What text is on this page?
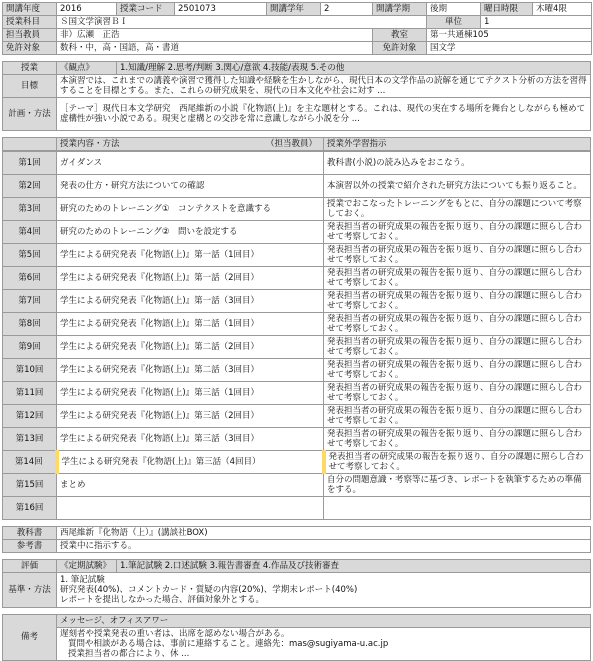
開講年度	2016	授業コード	2501073	開講学年	2	開講学期	後期	曜日時限	木曜4限
授業科目	Ｓ国文学演習ＢＩ						単位	1	
担当教員	非）広瀬　正浩					教室	第一共通棟105		
免許対象	数科・中，高・国語，高・書道					免許対象	国文学		
授業	《観点》	1.知識/理解 2.思考/判断 3.関心/意欲 4.技能/表現 5.その他
目標	本演習では、これまでの講義や演習で獲得した知識や経験を生かしながら、現代日本の文学作品の読解を通じてテクスト分析の方法を習得することを目標とする。また、これらの研究成果を、現代の日本文化や社会に対す ...	
計画・方法	［テーマ］現代日本文学研究　西尾維新の小説『化物語(上)』を主な題材とする。これは、現代の実在する場所を舞台としながらも極めて虚構性が強い小説である。現実と虚構との交渉を常に意識しながら小説を分 ...	
	授業内容・方法	（担当教員）	授業外学習指示
第1回	ガイダンス	教科書(小説)の読み込みをおこなう。
第2回	発表の仕方・研究方法についての確認	本演習以外の授業で紹介された研究方法についても振り返ること。
第3回	研究のためのトレーニング①　コンテクストを意識する	授業でおこなったトレーニングをもとに、自分の課題について考察しておく。
第4回	研究のためのトレーニング②　問いを設定する	発表担当者の研究成果の報告を振り返り、自分の課題に照らし合わせて考察しておく。
第5回	学生による研究発表『化物語(上)』第一話（1回目）	発表担当者の研究成果の報告を振り返り、自分の課題に照らし合わせて考察しておく。
第6回	学生による研究発表『化物語(上)』第一話（2回目）	発表担当者の研究成果の報告を振り返り、自分の課題に照らし合わせて考察しておく。
第7回	学生による研究発表『化物語(上)』第一話（3回目）	発表担当者の研究成果の報告を振り返り、自分の課題に照らし合わせて考察しておく。
第8回	学生による研究発表『化物語(上)』第二話（1回目）	発表担当者の研究成果の報告を振り返り、自分の課題に照らし合わせて考察しておく。
第9回	学生による研究発表『化物語(上)』第二話（2回目）	発表担当者の研究成果の報告を振り返り、自分の課題に照らし合わせて考察しておく。
第10回	学生による研究発表『化物語(上)』第二話（3回目）	発表担当者の研究成果の報告を振り返り、自分の課題に照らし合わせて考察しておく。
第11回	学生による研究発表『化物語(上)』第三話（1回目）	発表担当者の研究成果の報告を振り返り、自分の課題に照らし合わせて考察しておく。
第12回	学生による研究発表『化物語(上)』第三話（2回目）	発表担当者の研究成果の報告を振り返り、自分の課題に照らし合わせて考察しておく。
第13回	学生による研究発表『化物語(上)』第三話（3回目）	発表担当者の研究成果の報告を振り返り、自分の課題に照らし合わせて考察しておく。
第14回	学生による研究発表『化物語(上)』第三話（4回目）	発表担当者の研究成果の報告を振り返り、自分の課題に照らし合わせて考察しておく。
第15回	まとめ	自分の問題意識・考察等に基づき、レポートを執筆するための準備をする。
第16回		
教科書	西尾維新『化物語（上）』(講談社BOX)
参考書	授業中に指示する。
評価	《定期試験》	1.筆記試験 2.口述試験 3.報告書審査 4.作品及び技術審査
基準・方法	1. 筆記試験
研究発表(40%)、コメントカード・質疑の内容(20%)、学期末レポート(40%)
レポートを提出しなかった場合、評価対象外とする。	
備考	メッセージ、オフィスアワー

遅刻者や授業発表の重い者は、出席を認めない場合がある。
質問や相談がある場合は、事前に連絡すること。連絡先：mas@sugiyama-u.ac.jp
授業担当者の都合により、休 ...
